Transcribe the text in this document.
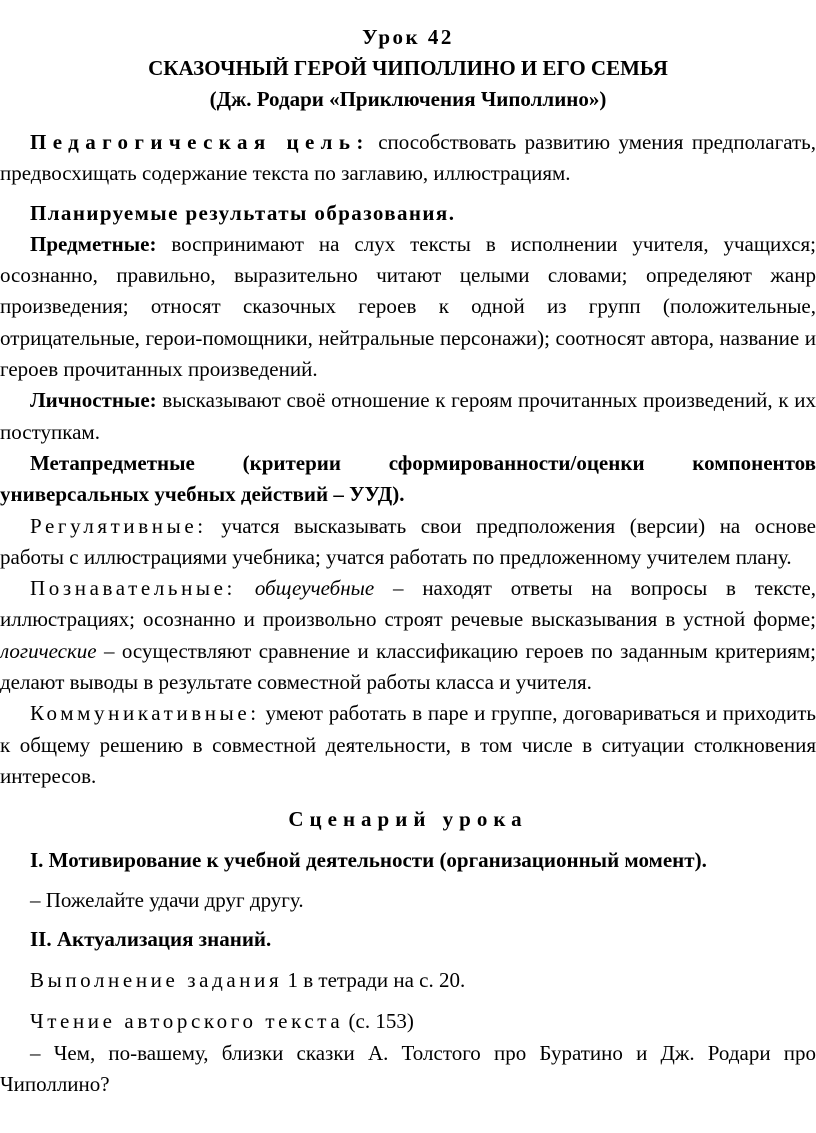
Урок 42
СКАЗОЧНЫЙ ГЕРОЙ ЧИПОЛЛИНО И ЕГО СЕМЬЯ
(Дж. Родари «Приключения Чиполлино»)

Педагогическая цель: способствовать развитию умения предполагать, предвосхищать содержание текста по заглавию, иллюстрациям.

Планируемые результаты образования.

Предметные: воспринимают на слух тексты в исполнении учителя, учащихся; осознанно, правильно, выразительно читают целыми словами; определяют жанр произведения; относят сказочных героев к одной из групп (положительные, отрицательные, герои-помощники, нейтральные персонажи); соотносят автора, название и героев прочитанных произведений.

Личностные: высказывают своё отношение к героям прочитанных произведений, к их поступкам.

Метапредметные (критерии сформированности/оценки компонентов универсальных учебных действий – УУД).

Регулятивные: учатся высказывать свои предположения (версии) на основе работы с иллюстрациями учебника; учатся работать по предложенному учителем плану.

Познавательные: общеучебные – находят ответы на вопросы в тексте, иллюстрациях; осознанно и произвольно строят речевые высказывания в устной форме; логические – осуществляют сравнение и классификацию героев по заданным критериям; делают выводы в результате совместной работы класса и учителя.

Коммуникативные: умеют работать в паре и группе, договариваться и приходить к общему решению в совместной деятельности, в том числе в ситуации столкновения интересов.

Сценарий урока

I. Мотивирование к учебной деятельности (организационный момент).

– Пожелайте удачи друг другу.

II. Актуализация знаний.

Выполнение задания 1 в тетради на с. 20.

Чтение авторского текста (с. 153)

– Чем, по-вашему, близки сказки А. Толстого про Буратино и Дж. Родари про Чиполлино?
